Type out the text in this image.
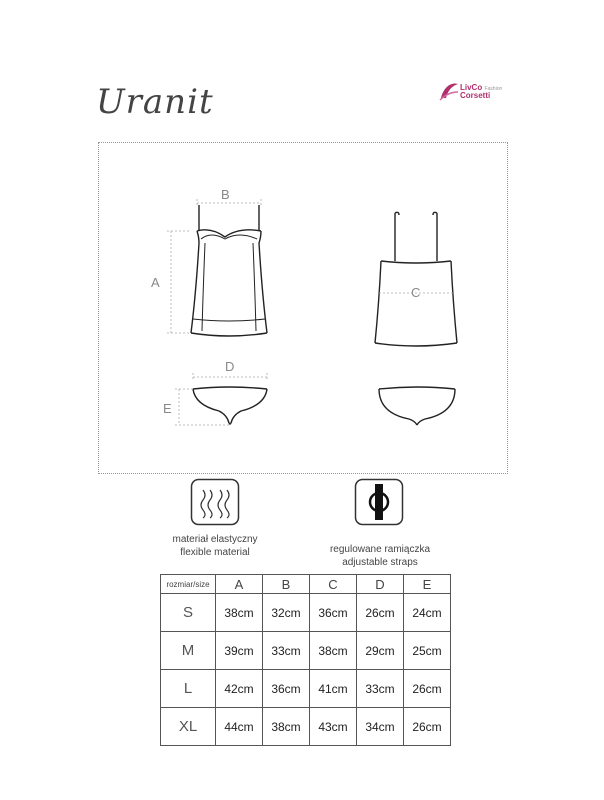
Uranit	LivCo Fashion
Corsetti
B
A
C
D
E
materiał elastyczny
flexible material	regulowane ramiączka
adjustable straps
rozmiar/size	A	B	C	D	E
S	38cm	32cm	36cm	26cm	24cm
M	39cm	33cm	38cm	29cm	25cm
L	42cm	36cm	41cm	33cm	26cm
XL	44cm	38cm	43cm	34cm	26cm
